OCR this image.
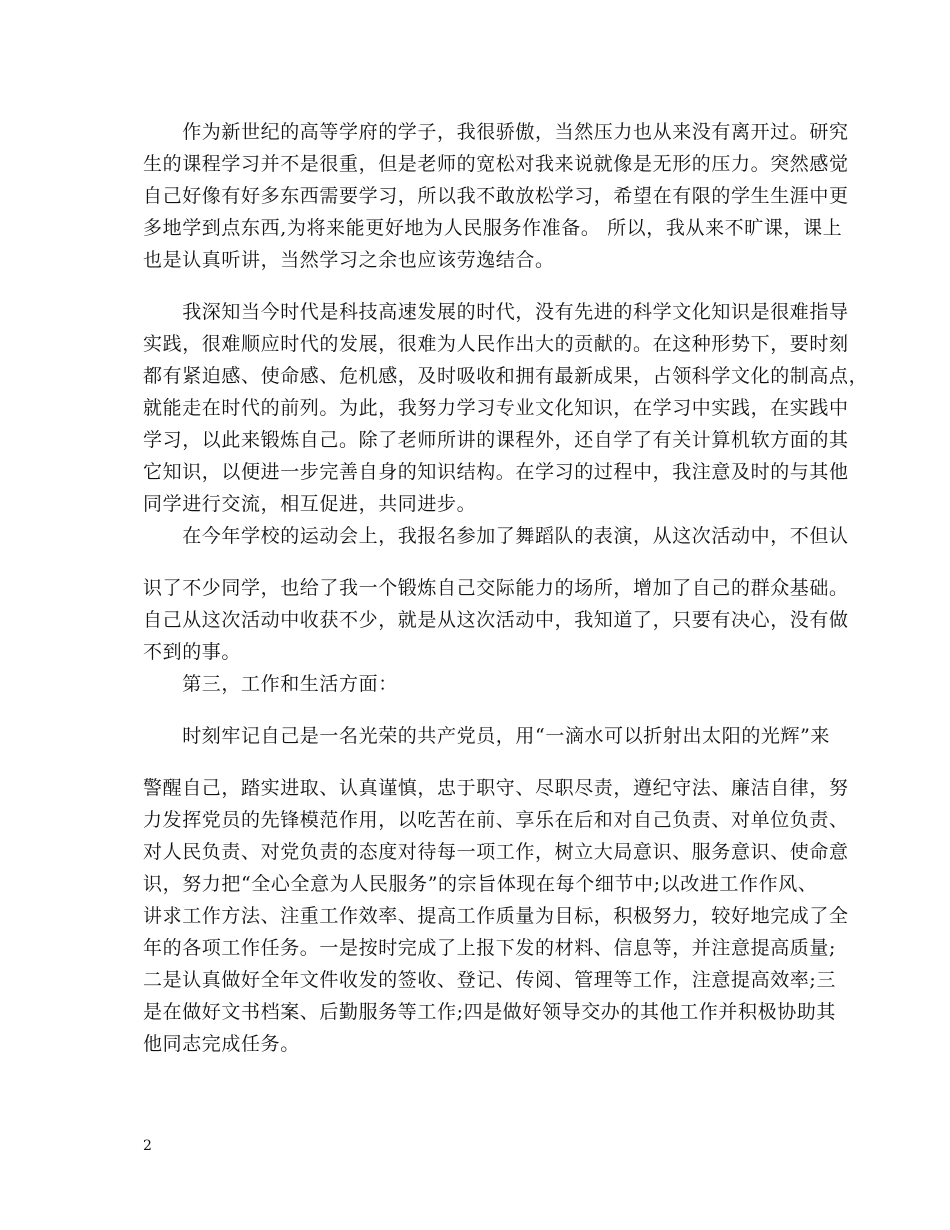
　　作为新世纪的高等学府的学子，我很骄傲，当然压力也从来没有离开过。研究
生的课程学习并不是很重，但是老师的宽松对我来说就像是无形的压力。突然感觉
自己好像有好多东西需要学习，所以我不敢放松学习，希望在有限的学生生涯中更
多地学到点东西,为将来能更好地为人民服务作准备。 所以，我从来不旷课，课上
也是认真听讲，当然学习之余也应该劳逸结合。
　　我深知当今时代是科技高速发展的时代，没有先进的科学文化知识是很难指导
实践，很难顺应时代的发展，很难为人民作出大的贡献的。在这种形势下，要时刻
都有紧迫感、使命感、危机感，及时吸收和拥有最新成果，占领科学文化的制高点，
就能走在时代的前列。为此，我努力学习专业文化知识，在学习中实践，在实践中
学习，以此来锻炼自己。除了老师所讲的课程外，还自学了有关计算机软方面的其
它知识，以便进一步完善自身的知识结构。在学习的过程中，我注意及时的与其他
同学进行交流，相互促进，共同进步。
　　在今年学校的运动会上，我报名参加了舞蹈队的表演，从这次活动中，不但认
识了不少同学，也给了我一个锻炼自己交际能力的场所，增加了自己的群众基础。
自己从这次活动中收获不少，就是从这次活动中，我知道了，只要有决心，没有做
不到的事。
　　第三，工作和生活方面：
　　时刻牢记自己是一名光荣的共产党员，用“一滴水可以折射出太阳的光辉”来
警醒自己，踏实进取、认真谨慎，忠于职守、尽职尽责，遵纪守法、廉洁自律，努
力发挥党员的先锋模范作用，以吃苦在前、享乐在后和对自己负责、对单位负责、
对人民负责、对党负责的态度对待每一项工作，树立大局意识、服务意识、使命意
识，努力把“全心全意为人民服务”的宗旨体现在每个细节中;以改进工作作风、
讲求工作方法、注重工作效率、提高工作质量为目标，积极努力，较好地完成了全
年的各项工作任务。一是按时完成了上报下发的材料、信息等，并注意提高质量;
二是认真做好全年文件收发的签收、登记、传阅、管理等工作，注意提高效率;三
是在做好文书档案、后勤服务等工作;四是做好领导交办的其他工作并积极协助其
他同志完成任务。
2
